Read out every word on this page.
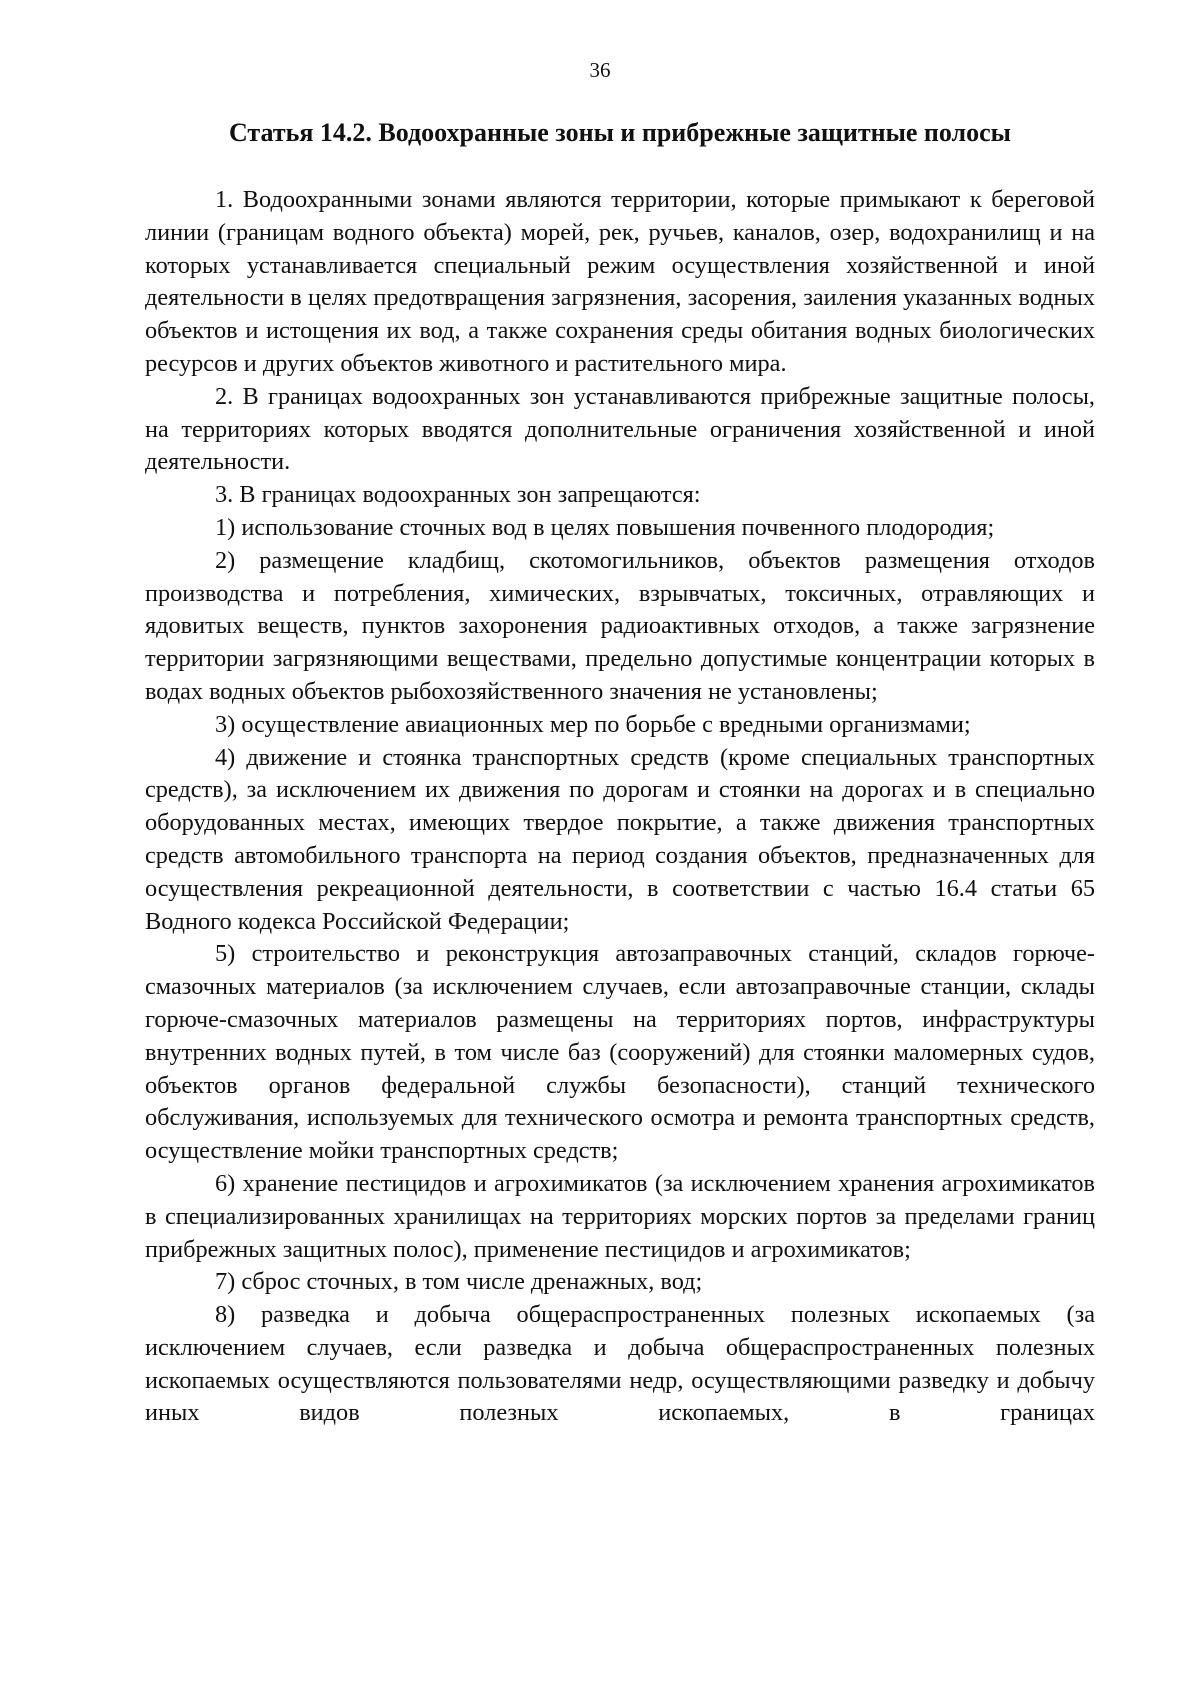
36
Статья 14.2. Водоохранные зоны и прибрежные защитные полосы

1. Водоохранными зонами являются территории, которые примыкают к береговой линии (границам водного объекта) морей, рек, ручьев, каналов, озер, водохранилищ и на которых устанавливается специальный режим осуществления хозяйственной и иной деятельности в целях предотвращения загрязнения, засорения, заиления указанных водных объектов и истощения их вод, а также сохранения среды обитания водных биологических ресурсов и других объектов животного и растительного мира.

2. В границах водоохранных зон устанавливаются прибрежные защитные полосы, на территориях которых вводятся дополнительные ограничения хозяйственной и иной деятельности.

3. В границах водоохранных зон запрещаются:

1) использование сточных вод в целях повышения почвенного плодородия;

2) размещение кладбищ, скотомогильников, объектов размещения отходов производства и потребления, химических, взрывчатых, токсичных, отравляющих и ядовитых веществ, пунктов захоронения радиоактивных отходов, а также загрязнение территории загрязняющими веществами, предельно допустимые концентрации которых в водах водных объектов рыбохозяйственного значения не установлены;

3) осуществление авиационных мер по борьбе с вредными организмами;

4) движение и стоянка транспортных средств (кроме специальных транспортных средств), за исключением их движения по дорогам и стоянки на дорогах и в специально оборудованных местах, имеющих твердое покрытие, а также движения транспортных средств автомобильного транспорта на период создания объектов, предназначенных для осуществления рекреационной деятельности, в соответствии с частью 16.4 статьи 65 Водного кодекса Российской Федерации;

5) строительство и реконструкция автозаправочных станций, складов горюче-смазочных материалов (за исключением случаев, если автозаправочные станции, склады горюче-смазочных материалов размещены на территориях портов, инфраструктуры внутренних водных путей, в том числе баз (сооружений) для стоянки маломерных судов, объектов органов федеральной службы безопасности), станций технического обслуживания, используемых для технического осмотра и ремонта транспортных средств, осуществление мойки транспортных средств;

6) хранение пестицидов и агрохимикатов (за исключением хранения агрохимикатов в специализированных хранилищах на территориях морских портов за пределами границ прибрежных защитных полос), применение пестицидов и агрохимикатов;

7) сброс сточных, в том числе дренажных, вод;

8) разведка и добыча общераспространенных полезных ископаемых (за исключением случаев, если разведка и добыча общераспространенных полезных ископаемых осуществляются пользователями недр, осуществляющими разведку и добычу иных видов полезных ископаемых, в границах
